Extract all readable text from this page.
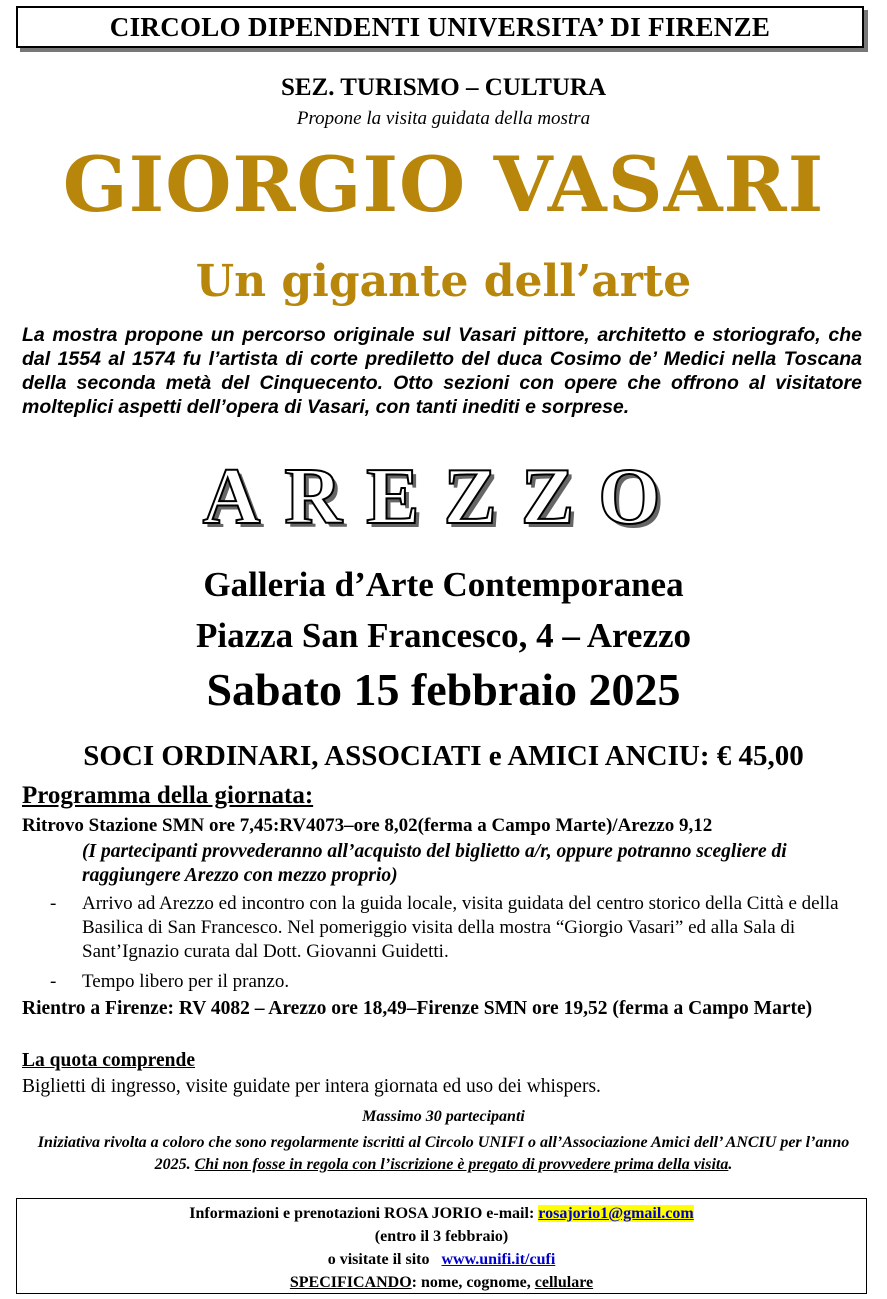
CIRCOLO DIPENDENTI UNIVERSITA’ DI FIRENZE
SEZ. TURISMO – CULTURA
Propone la visita guidata della mostra
GIORGIO VASARI
Un gigante dell’arte
La mostra propone un percorso originale sul Vasari pittore, architetto e storiografo, che dal 1554 al 1574 fu l’artista di corte prediletto del duca Cosimo de’ Medici nella Toscana della seconda metà del Cinquecento. Otto sezioni con opere che offrono al visitatore molteplici aspetti dell’opera di Vasari, con tanti inediti e sorprese.
AREZZO
Galleria d’Arte Contemporanea
Piazza San Francesco, 4 – Arezzo
Sabato 15 febbraio 2025
SOCI ORDINARI, ASSOCIATI e AMICI ANCIU: € 45,00
Programma della giornata:
Ritrovo Stazione SMN ore 7,45:RV4073–ore 8,02(ferma a Campo Marte)/Arezzo 9,12
(I partecipanti provvederanno all’acquisto del biglietto a/r, oppure potranno scegliere di raggiungere Arezzo con mezzo proprio)
-	Arrivo ad Arezzo ed incontro con la guida locale, visita guidata del centro storico della Città e della Basilica di San Francesco. Nel pomeriggio visita della mostra “Giorgio Vasari” ed alla Sala di Sant’Ignazio curata dal Dott. Giovanni Guidetti.
-	Tempo libero per il pranzo.
Rientro a Firenze: RV 4082 – Arezzo ore 18,49–Firenze SMN ore 19,52 (ferma a Campo Marte)
La quota comprende
Biglietti di ingresso, visite guidate per intera giornata ed uso dei whispers.
Massimo 30 partecipanti
Iniziativa rivolta a coloro che sono regolarmente iscritti al Circolo UNIFI o all’Associazione Amici dell’ ANCIU per l’anno 2025. Chi non fosse in regola con l’iscrizione è pregato di provvedere prima della visita.
Informazioni e prenotazioni ROSA JORIO e-mail: rosajorio1@gmail.com
(entro il 3 febbraio)
o visitate il sito   www.unifi.it/cufi
SPECIFICANDO: nome, cognome, cellulare
